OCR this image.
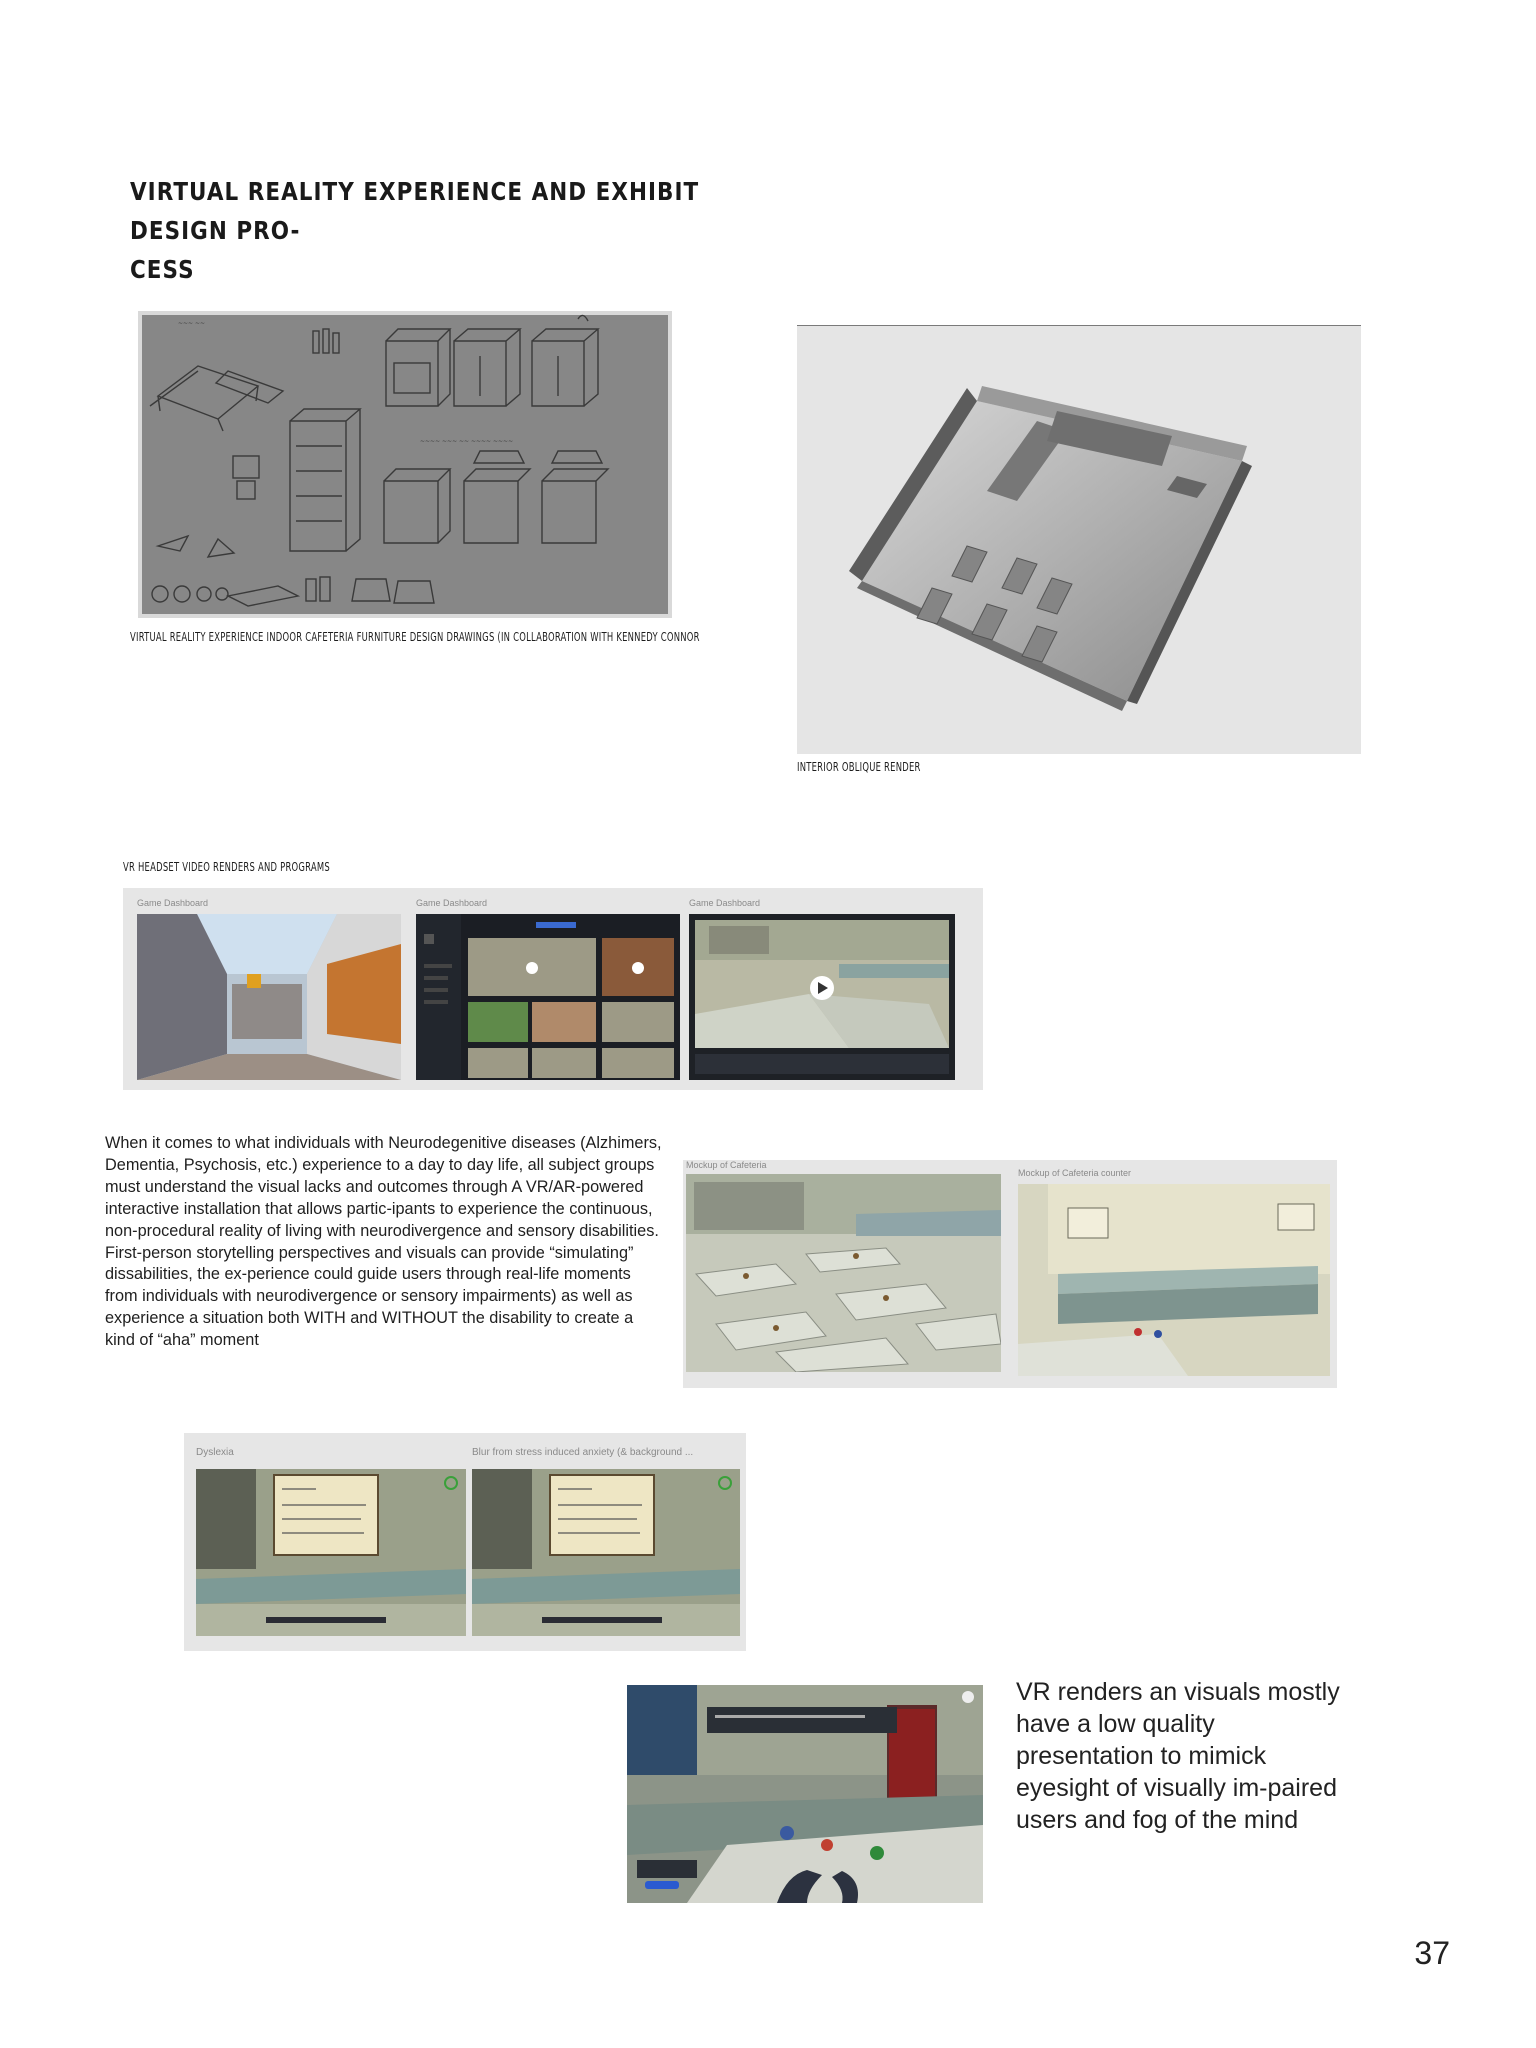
VIRTUAL REALITY EXPERIENCE AND EXHIBIT DESIGN PRO-
CESS
~~~ ~~
~~~~ ~~~ ~~ ~~~~ ~~~~
VIRTUAL REALITY EXPERIENCE INDOOR CAFETERIA FURNITURE DESIGN DRAWINGS (IN COLLABORATION WITH KENNEDY CONNOR
INTERIOR OBLIQUE RENDER
VR HEADSET VIDEO RENDERS AND PROGRAMS
Game Dashboard	Game Dashboard	Game Dashboard
When it comes to what individuals with Neurodegenitive diseases (Alzhimers, Dementia, Psychosis, etc.) experience to a day to day life, all subject groups must understand the visual lacks and outcomes through A VR/AR-powered interactive installation that allows partic-ipants to experience the continuous, non-procedural reality of living with neurodivergence and sensory disabilities. First-person storytelling perspectives and visuals can provide “simulating” dissabilities, the ex-perience could guide users through real-life moments from individuals with neurodivergence or sensory impairments) as well as experience a situation both WITH and WITHOUT the disability to create a kind of “aha” moment
Mockup of Cafeteria
Mockup of Cafeteria counter
Dyslexia	Blur from stress induced anxiety (& background ...
VR renders an visuals mostly have a low quality presentation to mimick eyesight of visually im-paired users and fog of the mind
37
